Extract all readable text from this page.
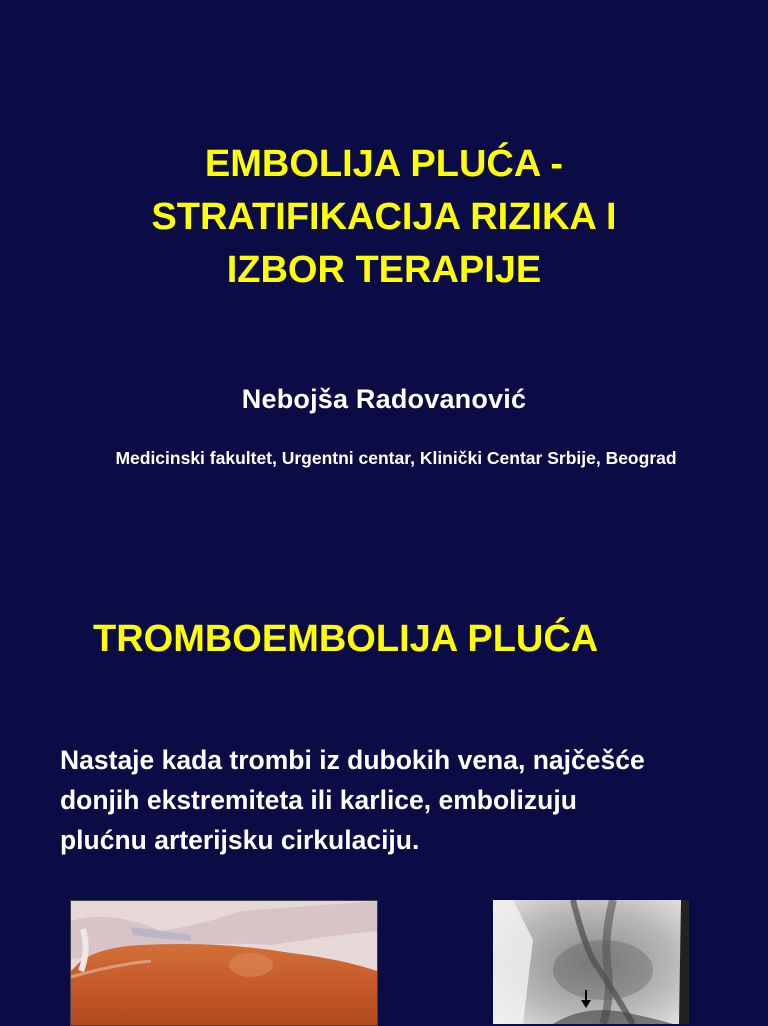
EMBOLIJA PLUĆA -
STRATIFIKACIJA RIZIKA I
IZBOR TERAPIJE
Nebojša Radovanović
Medicinski fakultet, Urgentni centar, Klinički Centar Srbije, Beograd
TROMBOEMBOLIJA PLUĆA

Nastaje kada trombi iz dubokih vena, najčešće
donjih ekstremiteta ili karlice, embolizuju
plućnu arterijsku cirkulaciju.
